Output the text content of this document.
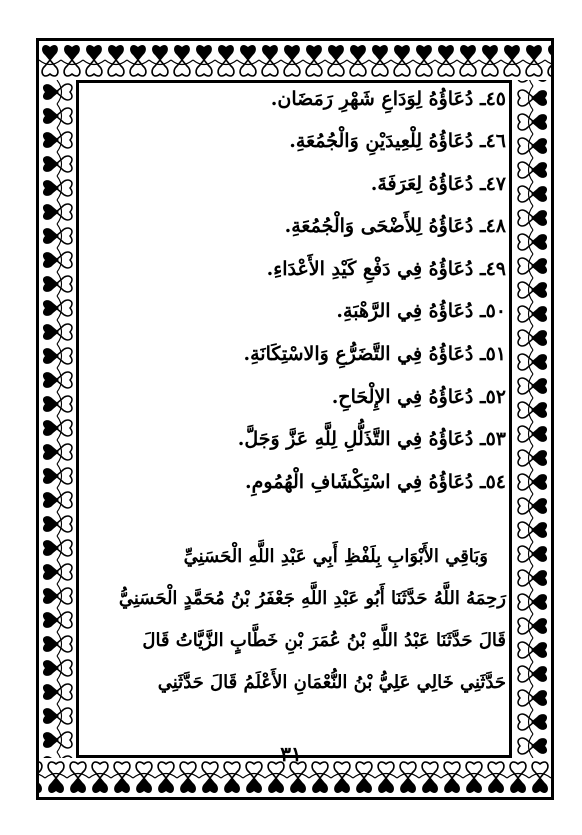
٤٥ـ دُعَاؤُهُ لِوَدَاعِ شَهْرِ رَمَضَان.
٤٦ـ دُعَاؤُهُ لِلْعِيدَيْنِ وَالْجُمُعَةِ.
٤٧ـ دُعَاؤُهُ لِعَرَفَةَ.
٤٨ـ دُعَاؤُهُ لِلأَضْحَى وَالْجُمُعَةِ.
٤٩ـ دُعَاؤُهُ فِي دَفْعِ كَيْدِ الأَعْدَاءِ.
٥٠ـ دُعَاؤُهُ فِي الرَّهْبَةِ.
٥١ـ دُعَاؤُهُ فِي التَّضَرُّعِ وَالاسْتِكَانَةِ.
٥٢ـ دُعَاؤُهُ فِي الإِلْحَاحِ.
٥٣ـ دُعَاؤُهُ فِي التَّذَلُّلِ لِلَّهِ عَزَّ وَجَلَّ.
٥٤ـ دُعَاؤُهُ فِي اسْتِكْشَافِ الْهُمُومِ.
وَبَاقِي الأَبْوَابِ بِلَفْظِ أَبِي عَبْدِ اللَّهِ الْحَسَنِيِّ
رَحِمَهُ اللَّهُ حَدَّثَنَا أَبُو عَبْدِ اللَّهِ جَعْفَرُ بْنُ مُحَمَّدٍ الْحَسَنِيُّ
قَالَ حَدَّثَنَا عَبْدُ اللَّهِ بْنُ عُمَرَ بْنِ خَطَّابٍ الزَّيَّاتُ قَالَ
حَدَّثَنِي خَالِي عَلِيُّ بْنُ النُّعْمَانِ الأَعْلَمُ قَالَ حَدَّثَنِي
٣١
